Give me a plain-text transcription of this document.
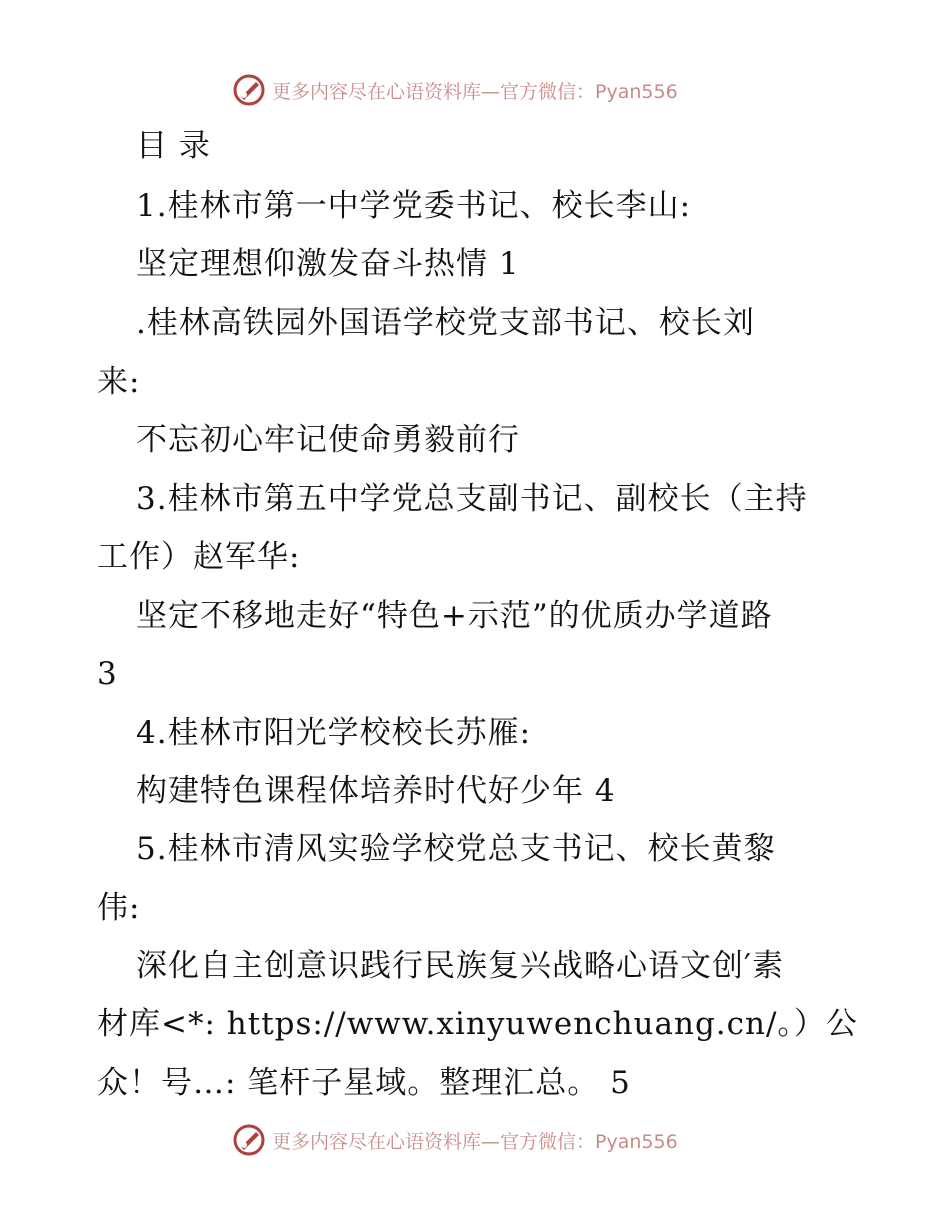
更多内容尽在心语资料库—官方微信：Pyan556
目 录
1.桂林市第一中学党委书记、校长李山:
坚定理想仰激发奋斗热情 1
.桂林高铁园外国语学校党支部书记、校长刘
来:
不忘初心牢记使命勇毅前行
3.桂林市第五中学党总支副书记、副校长（主持
工作）赵军华:
坚定不移地走好“特色+示范”的优质办学道路
3
4.桂林市阳光学校校长苏雁:
构建特色课程体培养时代好少年 4
5.桂林市清风实验学校党总支书记、校长黄黎
伟:
深化自主创意识践行民族复兴战略心语文创′素
材库<*: https://www.xinyuwenchuang.cn/。）公
众！号…: 笔杆子星域。整理汇总。 5
更多内容尽在心语资料库—官方微信：Pyan556
